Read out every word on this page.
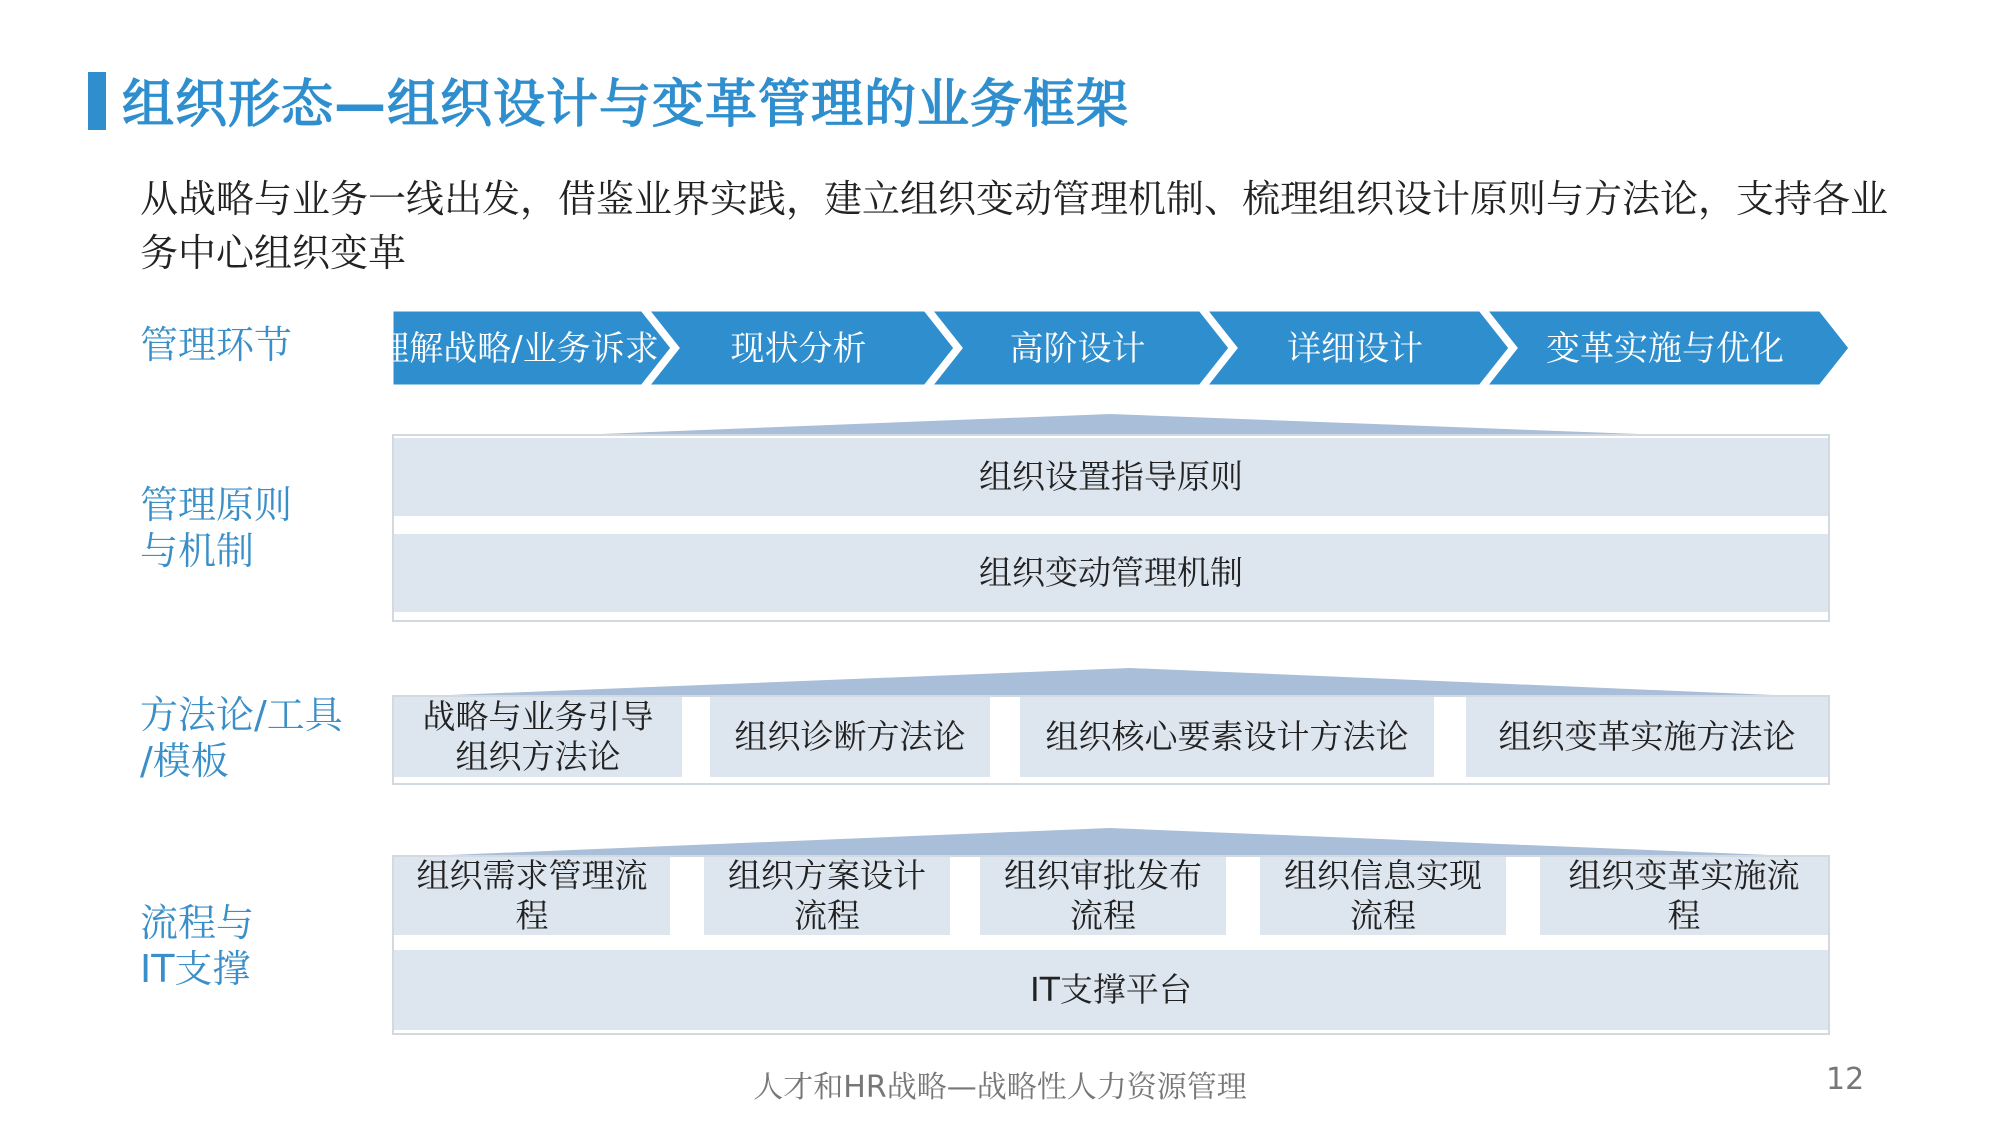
组织形态—组织设计与变革管理的业务框架
从战略与业务一线出发，借鉴业界实践，建立组织变动管理机制、梳理组织设计原则与方法论，支持各业务中心组织变革
管理环节
管理原则
与机制
方法论/工具
/模板
流程与
IT支撑
理解战略/业务诉求 现状分析	高阶设计	详细设计	变革实施与优化
组织设置指导原则
组织变动管理机制
战略与业务引导
组织方法论
组织诊断方法论	组织核心要素设计方法论	组织变革实施方法论
组织需求管理流
程
组织方案设计
流程
组织审批发布
流程
组织信息实现
流程
组织变革实施流
程
IT支撑平台
人才和HR战略—战略性人力资源管理	12
